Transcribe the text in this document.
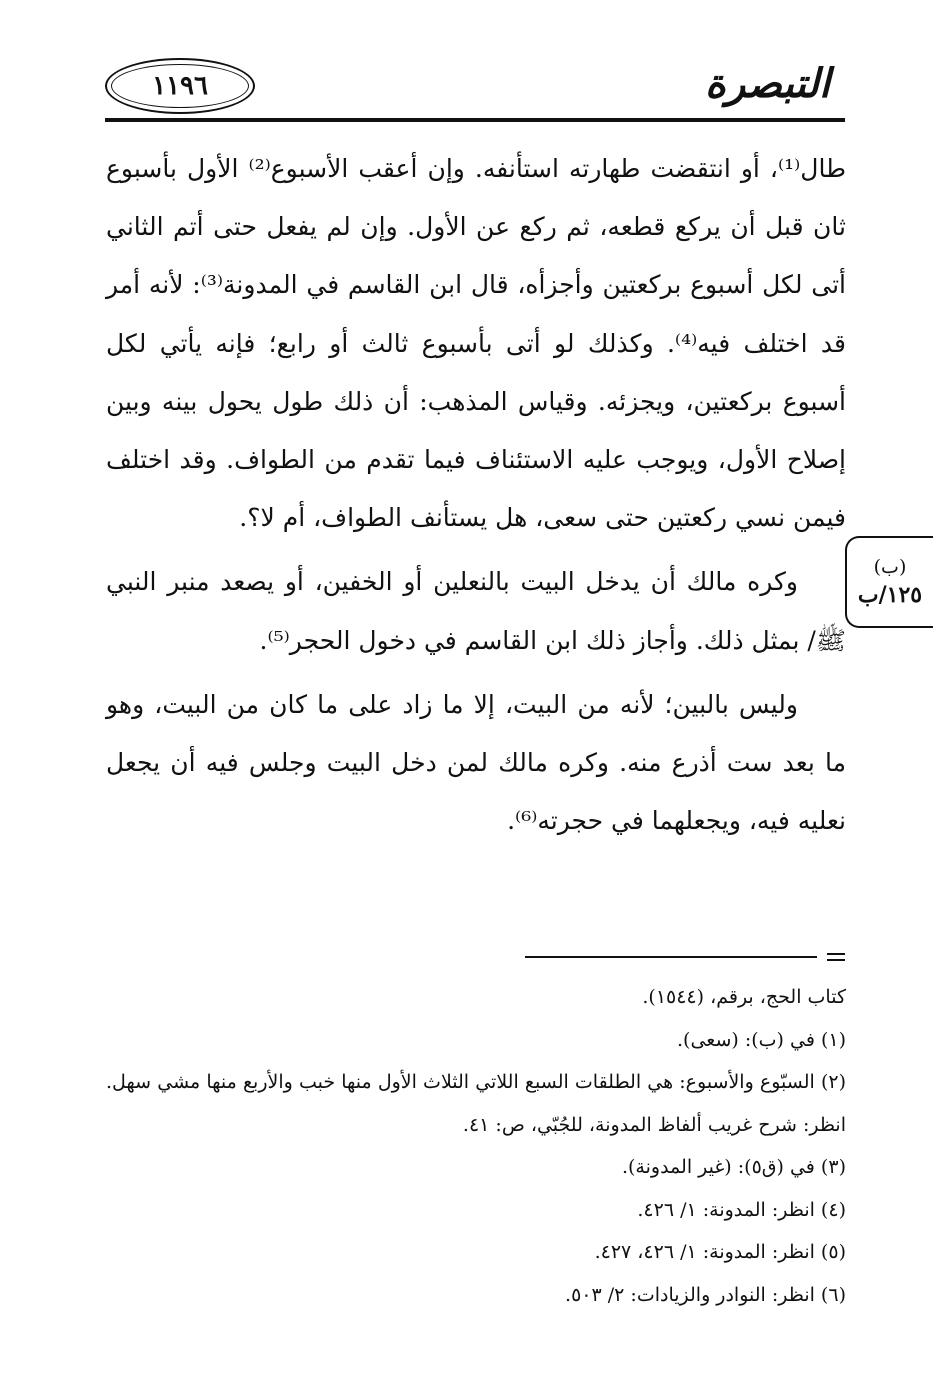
١١٩٦	التبصرة

طال⁽¹⁾، أو انتقضت طهارته استأنفه. وإن أعقب الأسبوع⁽²⁾ الأول بأسبوع ثان قبل أن يركع قطعه، ثم ركع عن الأول. وإن لم يفعل حتى أتم الثاني أتى لكل أسبوع بركعتين وأجزأه، قال ابن القاسم في المدونة⁽³⁾: لأنه أمر قد اختلف فيه⁽⁴⁾. وكذلك لو أتى بأسبوع ثالث أو رابع؛ فإنه يأتي لكل أسبوع بركعتين، ويجزئه. وقياس المذهب: أن ذلك طول يحول بينه وبين إصلاح الأول، ويوجب عليه الاستئناف فيما تقدم من الطواف. وقد اختلف فيمن نسي ركعتين حتى سعى، هل يستأنف الطواف، أم لا؟.

وكره مالك أن يدخل البيت بالنعلين أو الخفين، أو يصعد منبر النبي ﷺ/ بمثل ذلك. وأجاز ذلك ابن القاسم في دخول الحجر⁽⁵⁾.

وليس بالبين؛ لأنه من البيت، إلا ما زاد على ما كان من البيت، وهو ما بعد ست أذرع منه. وكره مالك لمن دخل البيت وجلس فيه أن يجعل نعليه فيه، ويجعلهما في حجرته⁽⁶⁾.

(ب)
١٢٥/ب

كتاب الحج، برقم، (١٥٤٤).

(١) في (ب): (سعى).

(٢) السبّوع والأسبوع: هي الطلقات السبع اللاتي الثلاث الأول منها خبب والأربع منها مشي سهل. انظر: شرح غريب ألفاظ المدونة، للجُبّي، ص: ٤١.

(٣) في (ق٥): (غير المدونة).

(٤) انظر: المدونة: ١/ ٤٢٦.

(٥) انظر: المدونة: ١/ ٤٢٦، ٤٢٧.

(٦) انظر: النوادر والزيادات: ٢/ ٥٠٣.
